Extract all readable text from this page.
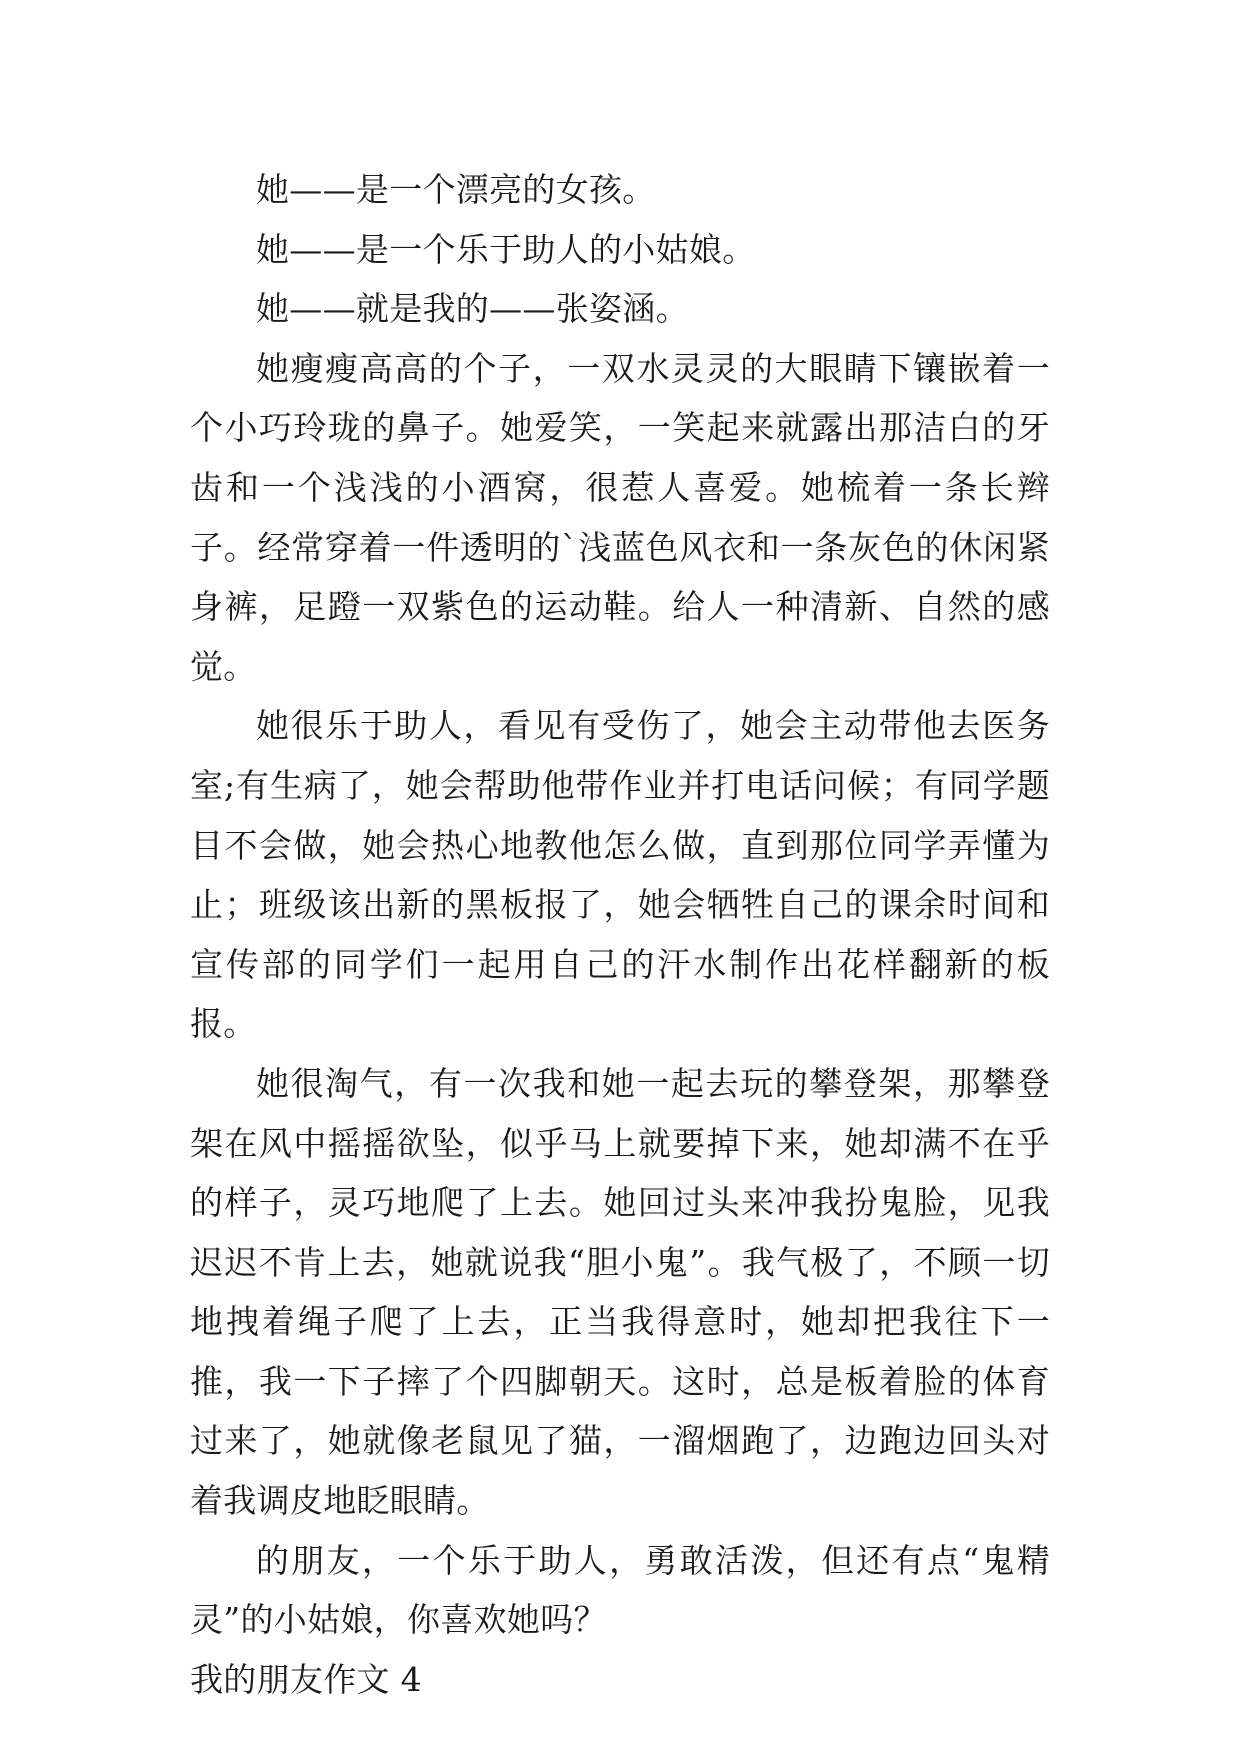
她——是一个漂亮的女孩。

她——是一个乐于助人的小姑娘。

她——就是我的——张姿涵。

她瘦瘦高高的个子，一双水灵灵的大眼睛下镶嵌着一个小巧玲珑的鼻子。她爱笑，一笑起来就露出那洁白的牙齿和一个浅浅的小酒窝，很惹人喜爱。她梳着一条长辫子。经常穿着一件透明的`浅蓝色风衣和一条灰色的休闲紧身裤，足蹬一双紫色的运动鞋。给人一种清新、自然的感觉。

她很乐于助人，看见有受伤了，她会主动带他去医务室;有生病了，她会帮助他带作业并打电话问候；有同学题目不会做，她会热心地教他怎么做，直到那位同学弄懂为止；班级该出新的黑板报了，她会牺牲自己的课余时间和宣传部的同学们一起用自己的汗水制作出花样翻新的板报。

她很淘气，有一次我和她一起去玩的攀登架，那攀登架在风中摇摇欲坠，似乎马上就要掉下来，她却满不在乎的样子，灵巧地爬了上去。她回过头来冲我扮鬼脸，见我迟迟不肯上去，她就说我“胆小鬼”。我气极了，不顾一切地拽着绳子爬了上去，正当我得意时，她却把我往下一推，我一下子摔了个四脚朝天。这时，总是板着脸的体育过来了，她就像老鼠见了猫，一溜烟跑了，边跑边回头对着我调皮地眨眼睛。

的朋友，一个乐于助人，勇敢活泼，但还有点“鬼精灵”的小姑娘，你喜欢她吗？

我的朋友作文 4
